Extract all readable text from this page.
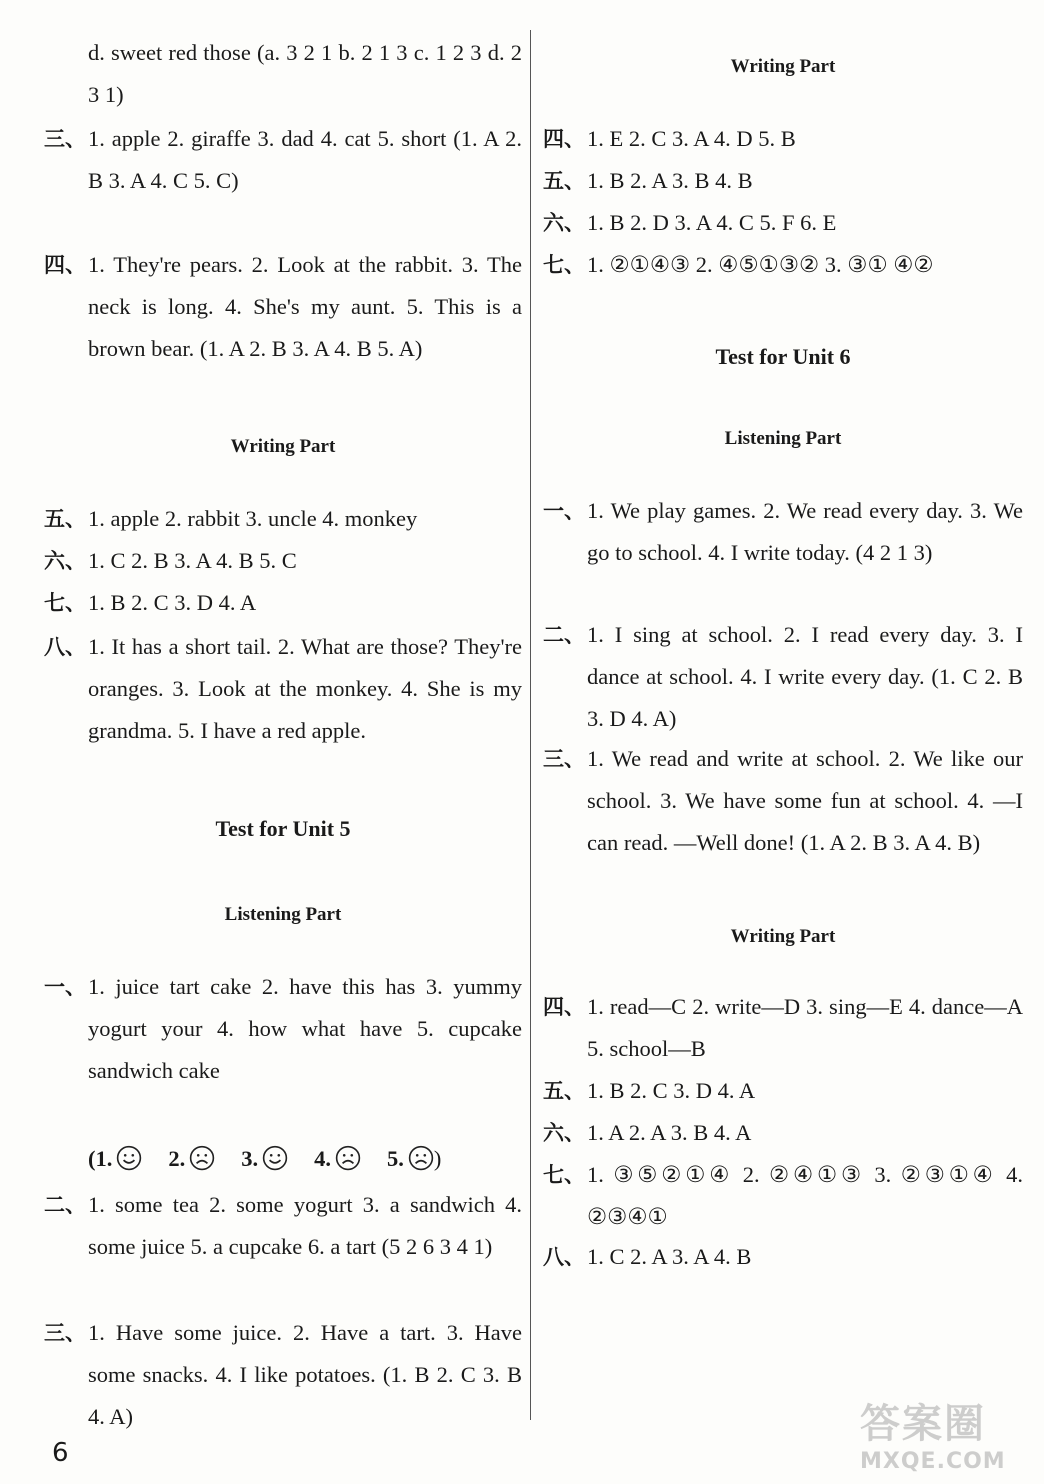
d. sweet red those (a. 3 2 1 b. 2 1 3 c. 1 2 3 d. 2 3 1)
三、 1. apple 2. giraffe 3. dad 4. cat 5. short (1. A 2. B 3. A 4. C 5. C)
四、 1. They're pears. 2. Look at the rabbit. 3. The neck is long. 4. She's my aunt. 5. This is a brown bear. (1. A 2. B 3. A 4. B 5. A)
Writing Part
五、 1. apple 2. rabbit 3. uncle 4. monkey
六、 1. C 2. B 3. A 4. B 5. C
七、 1. B 2. C 3. D 4. A
八、 1. It has a short tail. 2. What are those? They're oranges. 3. Look at the monkey. 4. She is my grandma. 5. I have a red apple.
Test for Unit 5
Listening Part
一、 1. juice tart cake 2. have this has 3. yummy yogurt your 4. how what have 5. cupcake sandwich cake
(1. 2. 3. 4. 5. )
二、 1. some tea 2. some yogurt 3. a sandwich 4. some juice 5. a cupcake 6. a tart (5 2 6 3 4 1)
三、 1. Have some juice. 2. Have a tart. 3. Have some snacks. 4. I like potatoes. (1. B 2. C 3. B 4. A)
Writing Part
四、 1. E 2. C 3. A 4. D 5. B
五、 1. B 2. A 3. B 4. B
六、 1. B 2. D 3. A 4. C 5. F 6. E
七、 1. ②①④③ 2. ④⑤①③② 3. ③① ④②
Test for Unit 6
Listening Part
一、 1. We play games. 2. We read every day. 3. We go to school. 4. I write today. (4 2 1 3)
二、 1. I sing at school. 2. I read every day. 3. I dance at school. 4. I write every day. (1. C 2. B 3. D 4. A)
三、 1. We read and write at school. 2. We like our school. 3. We have some fun at school. 4. —I can read. —Well done! (1. A 2. B 3. A 4. B)
Writing Part
四、 1. read—C 2. write—D 3. sing—E 4. dance—A 5. school—B
五、 1. B 2. C 3. D 4. A
六、 1. A 2. A 3. B 4. A
七、 1. ③⑤②①④ 2. ②④①③ 3. ②③①④ 4. ②③④①
八、 1. C 2. A 3. A 4. B
6
答案圈
MXQE.COM
